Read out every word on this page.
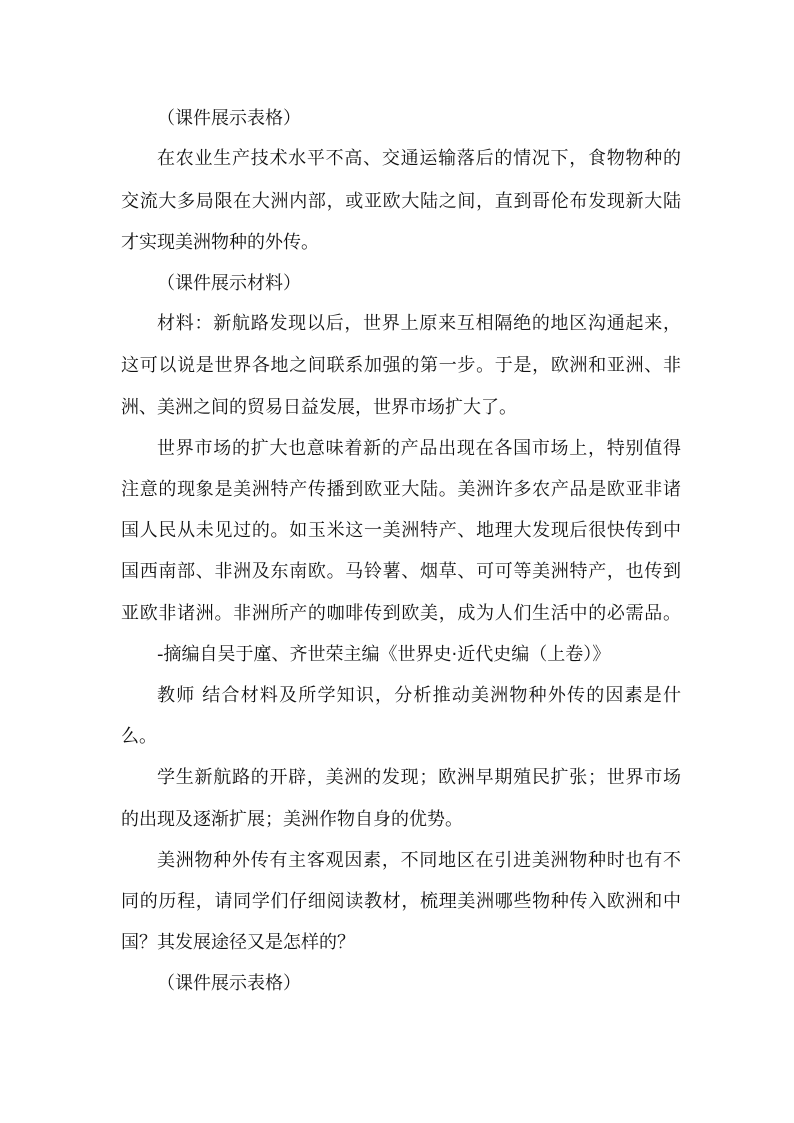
（课件展示表格）
在农业生产技术水平不高、交通运输落后的情况下，食物物种的
交流大多局限在大洲内部，或亚欧大陆之间，直到哥伦布发现新大陆
才实现美洲物种的外传。
（课件展示材料）
材料：新航路发现以后，世界上原来互相隔绝的地区沟通起来，
这可以说是世界各地之间联系加强的第一步。于是，欧洲和亚洲、非
洲、美洲之间的贸易日益发展，世界市场扩大了。
世界市场的扩大也意味着新的产品出现在各国市场上，特别值得
注意的现象是美洲特产传播到欧亚大陆。美洲许多农产品是欧亚非诸
国人民从未见过的。如玉米这一美洲特产、地理大发现后很快传到中
国西南部、非洲及东南欧。马铃薯、烟草、可可等美洲特产，也传到
亚欧非诸洲。非洲所产的咖啡传到欧美，成为人们生活中的必需品。
-摘编自吴于廑、齐世荣主编《世界史·近代史编（上卷）》
教师 结合材料及所学知识，分析推动美洲物种外传的因素是什
么。
学生新航路的开辟，美洲的发现；欧洲早期殖民扩张；世界市场
的出现及逐渐扩展；美洲作物自身的优势。
美洲物种外传有主客观因素，不同地区在引进美洲物种时也有不
同的历程，请同学们仔细阅读教材，梳理美洲哪些物种传入欧洲和中
国？其发展途径又是怎样的？
（课件展示表格）
